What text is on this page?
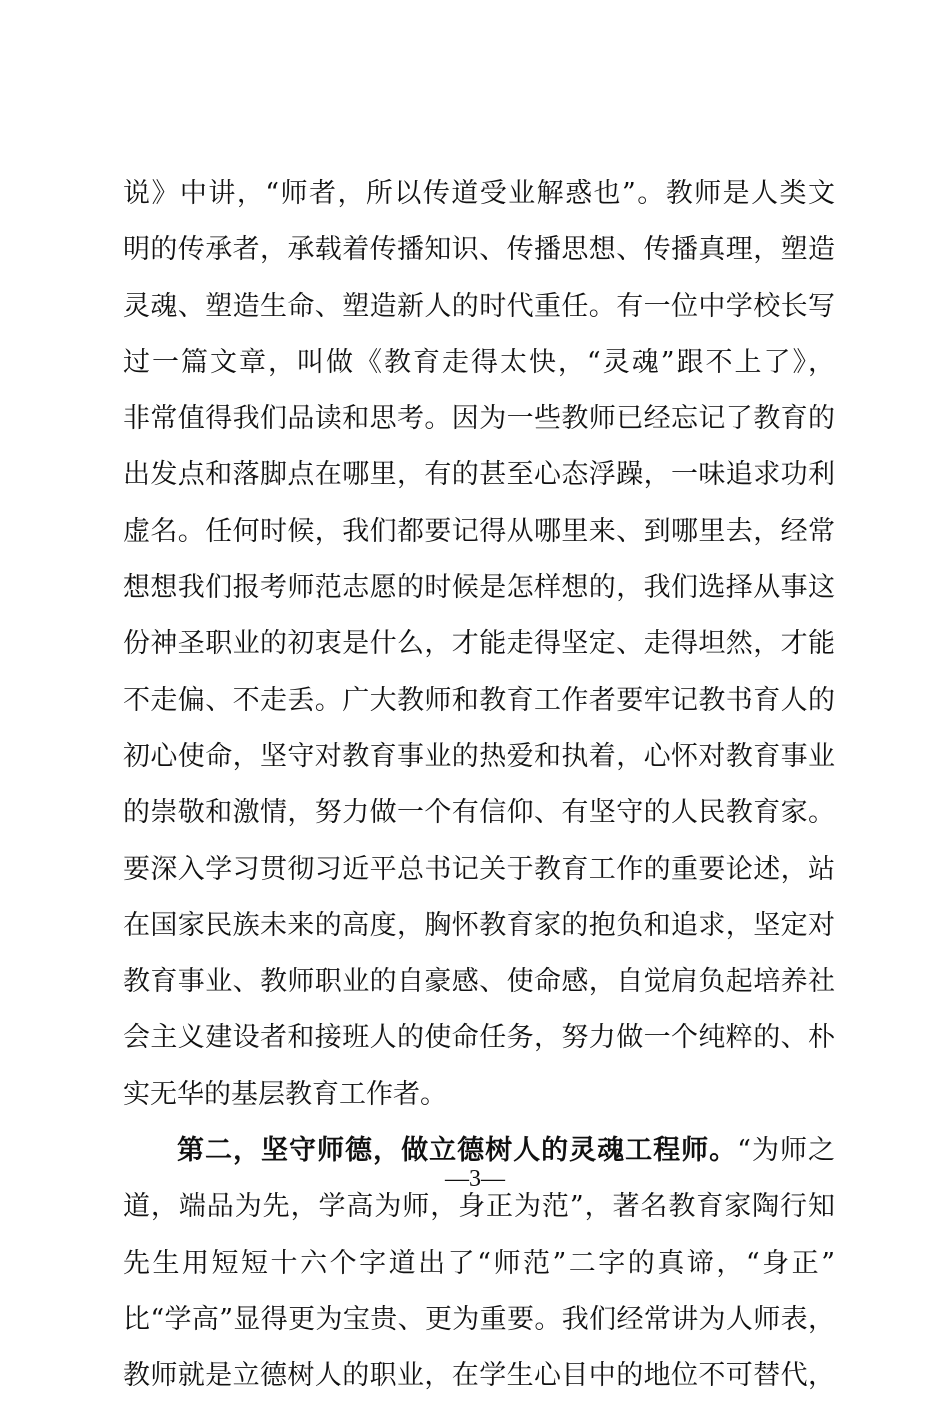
说》中讲，“师者，所以传道受业解惑也”。教师是人类文
明的传承者，承载着传播知识、传播思想、传播真理，塑造
灵魂、塑造生命、塑造新人的时代重任。有一位中学校长写
过一篇文章，叫做《教育走得太快，“灵魂”跟不上了》，
非常值得我们品读和思考。因为一些教师已经忘记了教育的
出发点和落脚点在哪里，有的甚至心态浮躁，一味追求功利
虚名。任何时候，我们都要记得从哪里来、到哪里去，经常
想想我们报考师范志愿的时候是怎样想的，我们选择从事这
份神圣职业的初衷是什么，才能走得坚定、走得坦然，才能
不走偏、不走丢。广大教师和教育工作者要牢记教书育人的
初心使命，坚守对教育事业的热爱和执着，心怀对教育事业
的崇敬和激情，努力做一个有信仰、有坚守的人民教育家。
要深入学习贯彻习近平总书记关于教育工作的重要论述，站
在国家民族未来的高度，胸怀教育家的抱负和追求，坚定对
教育事业、教师职业的自豪感、使命感，自觉肩负起培养社
会主义建设者和接班人的使命任务，努力做一个纯粹的、朴
实无华的基层教育工作者。
第二，坚守师德，做立德树人的灵魂工程师。“为师之
道，端品为先，学高为师，身正为范”，著名教育家陶行知
先生用短短十六个字道出了“师范”二字的真谛，“身正”
比“学高”显得更为宝贵、更为重要。我们经常讲为人师表，
教师就是立德树人的职业，在学生心目中的地位不可替代，
—3—
